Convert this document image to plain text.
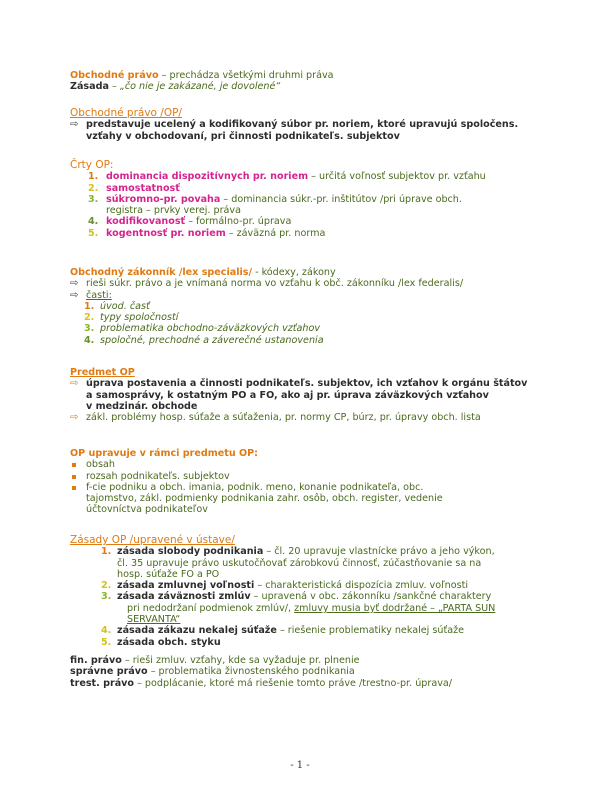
Obchodné právo – prechádza všetkými druhmi práva
Zásada – „čo nie je zakázané, je dovolené“
Obchodné právo /OP/
⇨ predstavuje ucelený a kodifikovaný súbor pr. noriem, ktoré upravujú spoločens.
vzťahy v obchodovaní, pri činnosti podnikateľs. subjektov
Črty OP:
1. dominancia dispozitívnych pr. noriem – určitá voľnosť subjektov pr. vzťahu
2. samostatnosť
3. súkromno-pr. povaha – dominancia súkr.-pr. inštitútov /pri úprave obch.
registra – prvky verej. práva
4. kodifikovanosť – formálno-pr. úprava
5. kogentnosť pr. noriem – záväzná pr. norma
Obchodný zákonník /lex specialis/ - kódexy, zákony
⇨ rieši súkr. právo a je vnímaná norma vo vzťahu k obč. zákonníku /lex federalis/
⇨ časti:
1. úvod. časť
2. typy spoločností
3. problematika obchodno-záväzkových vzťahov
4. spoločné, prechodné a záverečné ustanovenia
Predmet OP
⇨ úprava postavenia a činnosti podnikateľs. subjektov, ich vzťahov k orgánu štátov
a samosprávy, k ostatným PO a FO, ako aj pr. úprava záväzkových vzťahov
v medzinár. obchode
⇨ zákl. problémy hosp. súťaže a súťaženia, pr. normy CP, búrz, pr. úpravy obch. lista
OP upravuje v rámci predmetu OP:
obsah
rozsah podnikateľs. subjektov
f-cie podniku a obch. imania, podnik. meno, konanie podnikateľa, obc.
tajomstvo, zákl. podmienky podnikania zahr. osôb, obch. register, vedenie
účtovníctva podnikateľov
Zásady OP /upravené v ústave/
1. zásada slobody podnikania – čl. 20 upravuje vlastnícke právo a jeho výkon,
čl. 35 upravuje právo uskutočňovať zárobkovú činnosť, zúčastňovanie sa na
hosp. súťaže FO a PO
2. zásada zmluvnej voľnosti – charakteristická dispozícia zmluv. voľnosti
3. zásada záväznosti zmlúv – upravená v obc. zákonníku /sankčné charaktery
pri nedodržaní podmienok zmlúv/, zmluvy musia byť dodržané – „PARTA SUN
SERVANTA“
4. zásada zákazu nekalej súťaže – riešenie problematiky nekalej súťaže
5. zásada obch. styku
fin. právo – rieši zmluv. vzťahy, kde sa vyžaduje pr. plnenie
správne právo – problematika živnostenského podnikania
trest. právo – podplácanie, ktoré má riešenie tomto práve /trestno-pr. úprava/
- 1 -
